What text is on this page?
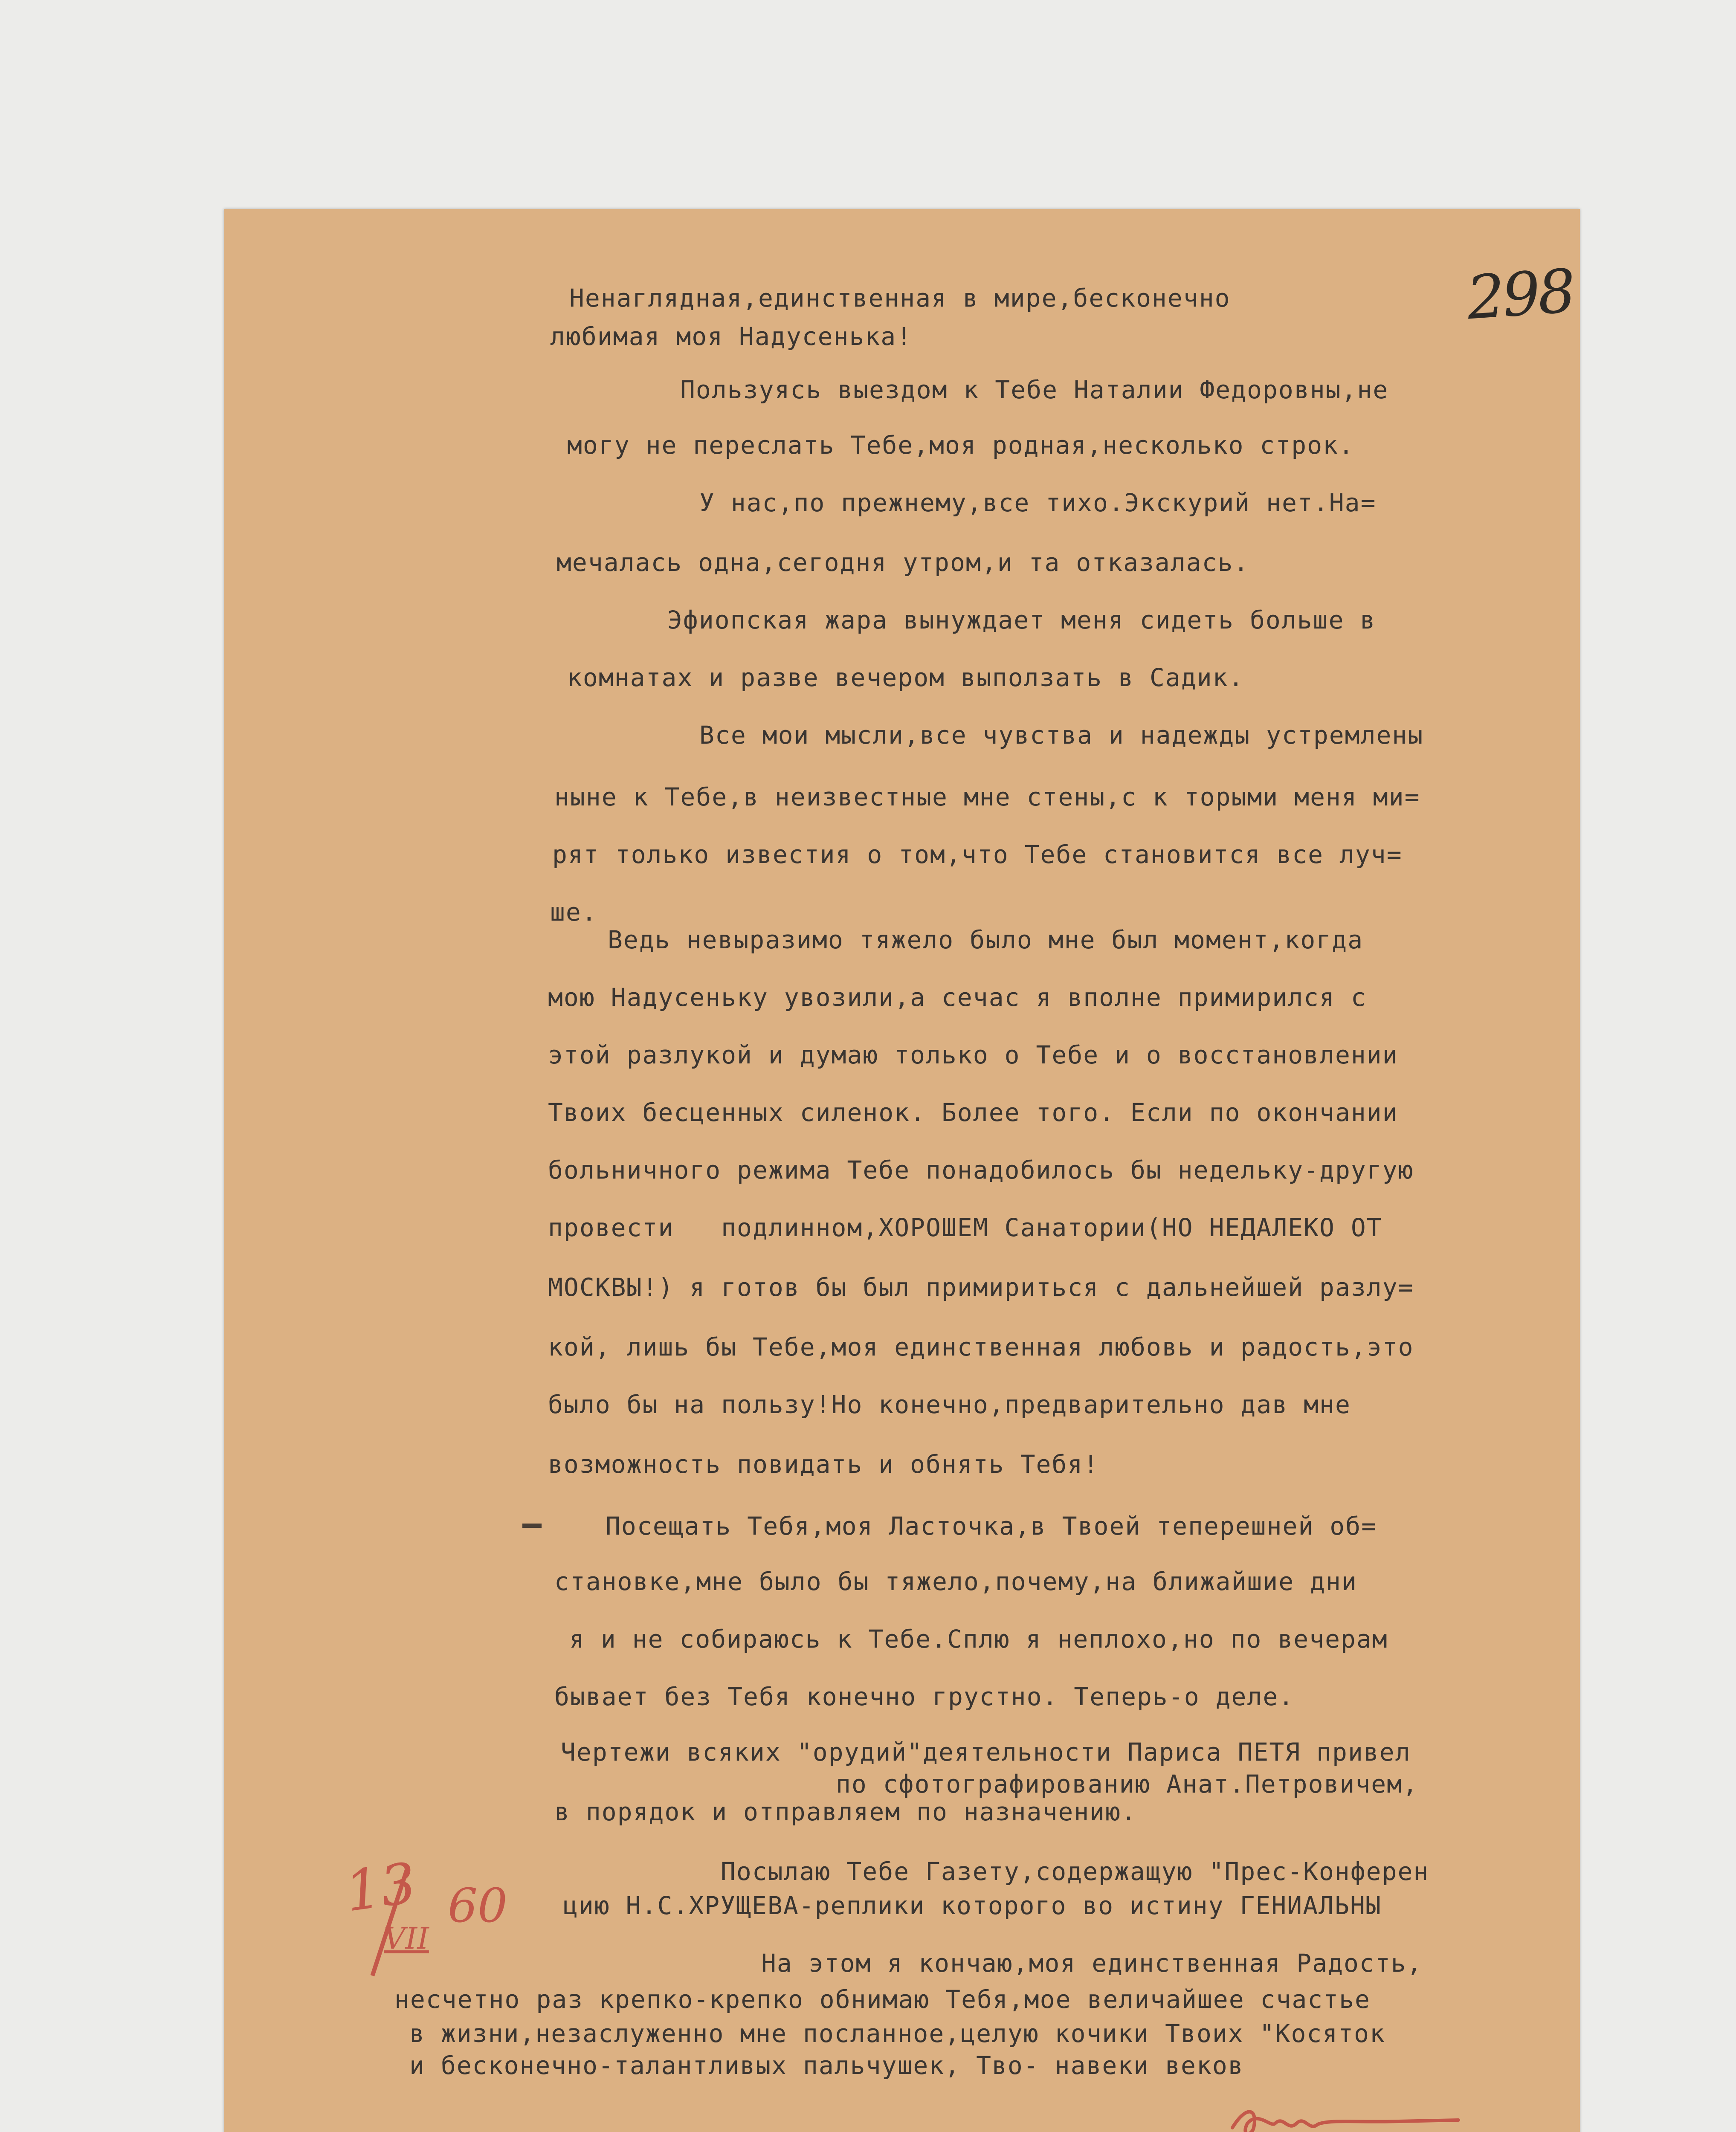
298
Ненаглядная,единственная в мире,бесконечно
любимая моя Надусенька!
Пользуясь выездом к Тебе Наталии Федоровны,не
могу не переслать Тебе,моя родная,несколько строк.
У нас,по прежнему,все тихо.Экскурий нет.На=
мечалась одна,сегодня утром,и та отказалась.
Эфиопская жара вынуждает меня сидеть больше в
комнатах и разве вечером выползать в Садик.
Все мои мысли,все чувства и надежды устремлены
ныне к Тебе,в неизвестные мне стены,с к торыми меня ми=
рят только известия о том,что Тебе становится все луч=
ше.
Ведь невыразимо тяжело было мне был момент,когда
мою Надусеньку увозили,а сечас я вполне примирился с
этой разлукой и думаю только о Тебе и о восстановлении
Твоих бесценных силенок. Более того. Если по окончании
больничного режима Тебе понадобилось бы недельку-другую
провести   подлинном,ХОРОШЕМ Санатории(НО НЕДАЛЕКО ОТ
МОСКВЫ!) я готов бы был примириться с дальнейшей разлу=
кой, лишь бы Тебе,моя единственная любовь и радость,это
было бы на пользу!Но конечно,предварительно дав мне
возможность повидать и обнять Тебя!
Посещать Тебя,моя Ласточка,в Твоей теперешней об=
становке,мне было бы тяжело,почему,на ближайшие дни
я и не собираюсь к Тебе.Сплю я неплохо,но по вечерам
бывает без Тебя конечно грустно. Теперь-о деле.
Чертежи всяких "орудий"деятельности Париса ПЕТЯ привел
по сфотографированию Анат.Петровичем,
в порядок и отправляем по назначению.
Посылаю Тебе Газету,содержащую "Прес-Конферен
цию Н.С.ХРУЩЕВА-реплики которого во истину ГЕНИАЛЬНЫ
На этом я кончаю,моя единственная Радость,
несчетно раз крепко-крепко обнимаю Тебя,мое величайшее счастье
в жизни,незаслуженно мне посланное,целую кочики Твоих "Косяток
и бесконечно-талантливых пальчушек, Тво- навеки веков
13
VII
60
